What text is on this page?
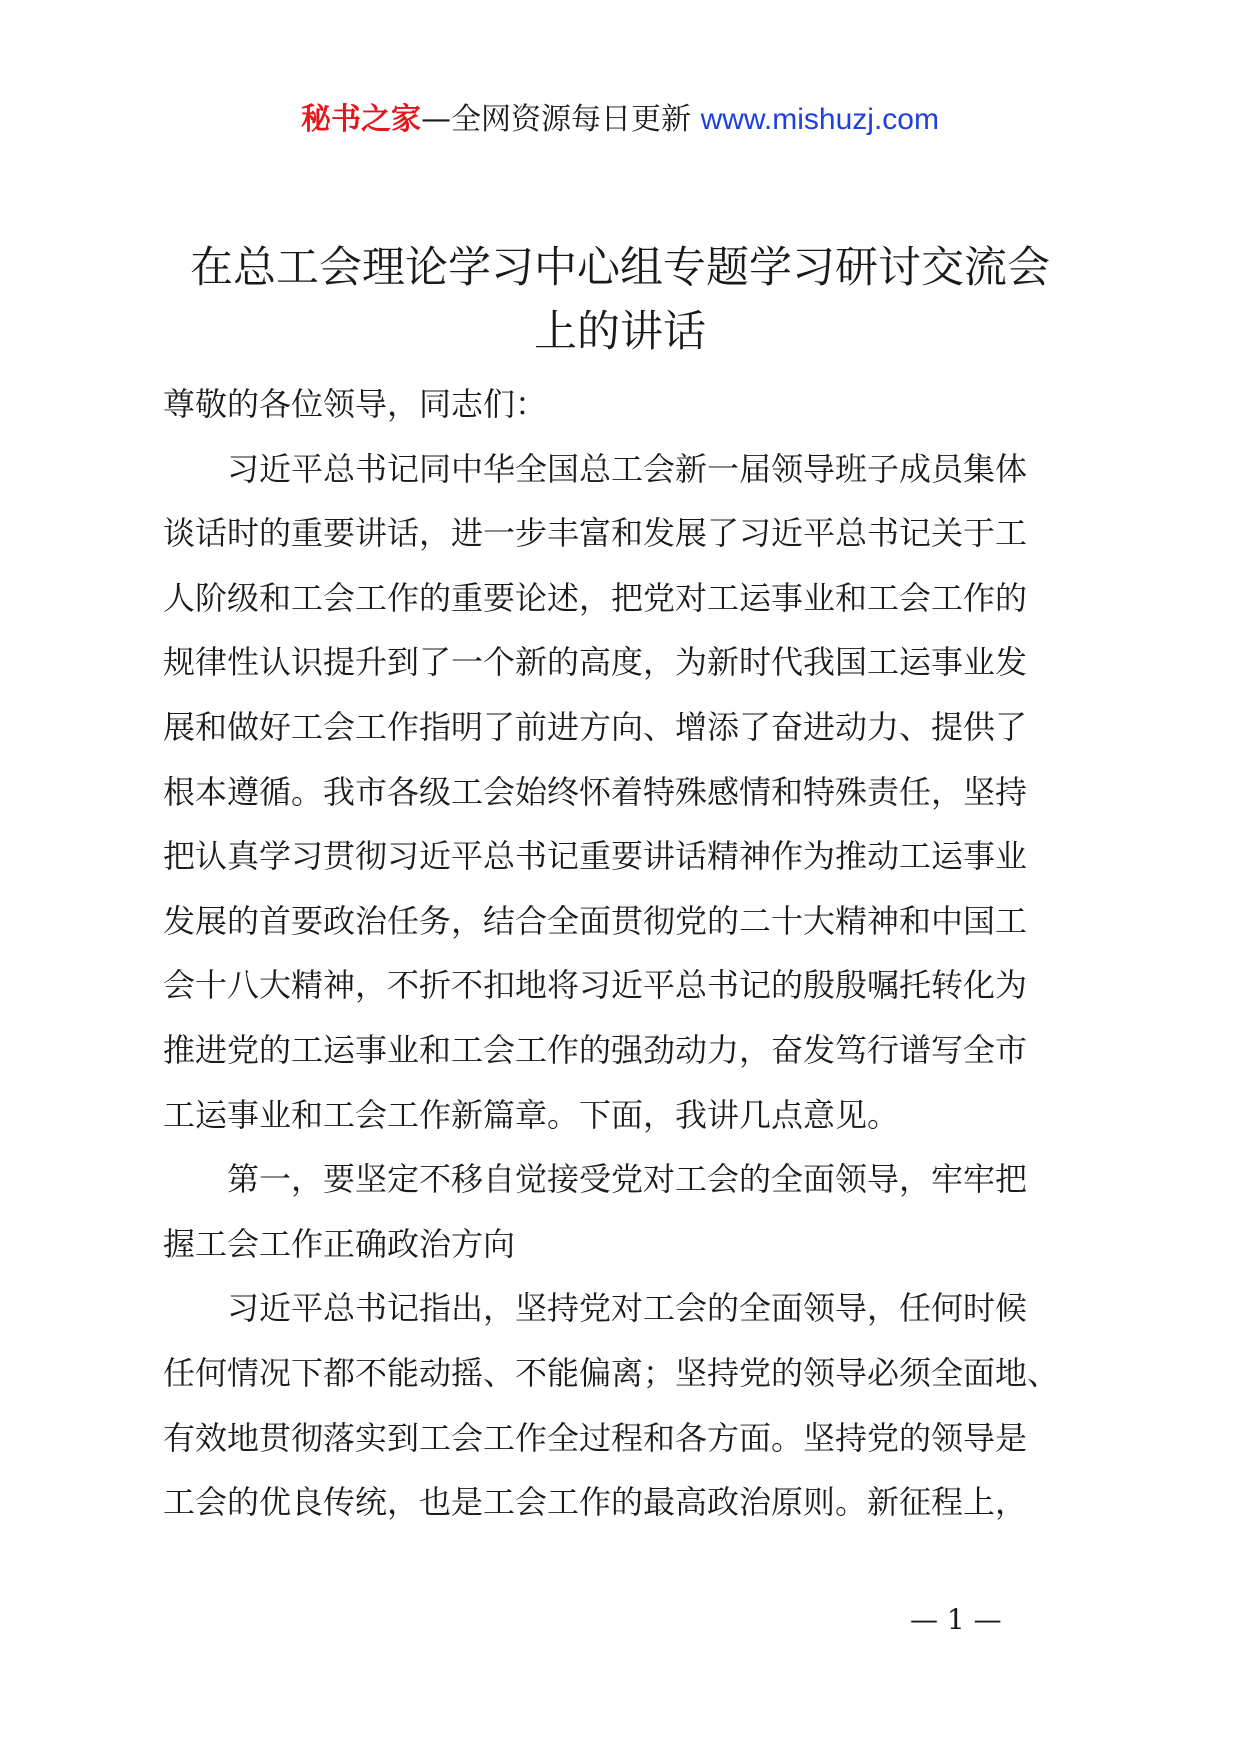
秘书之家—全网资源每日更新 www.mishuzj.com
在总工会理论学习中心组专题学习研讨交流会
上的讲话
尊敬的各位领导，同志们：
　　习近平总书记同中华全国总工会新一届领导班子成员集体
谈话时的重要讲话，进一步丰富和发展了习近平总书记关于工
人阶级和工会工作的重要论述，把党对工运事业和工会工作的
规律性认识提升到了一个新的高度，为新时代我国工运事业发
展和做好工会工作指明了前进方向、增添了奋进动力、提供了
根本遵循。我市各级工会始终怀着特殊感情和特殊责任，坚持
把认真学习贯彻习近平总书记重要讲话精神作为推动工运事业
发展的首要政治任务，结合全面贯彻党的二十大精神和中国工
会十八大精神，不折不扣地将习近平总书记的殷殷嘱托转化为
推进党的工运事业和工会工作的强劲动力，奋发笃行谱写全市
工运事业和工会工作新篇章。下面，我讲几点意见。
　　第一，要坚定不移自觉接受党对工会的全面领导，牢牢把
握工会工作正确政治方向
　　习近平总书记指出，坚持党对工会的全面领导，任何时候
任何情况下都不能动摇、不能偏离；坚持党的领导必须全面地、
有效地贯彻落实到工会工作全过程和各方面。坚持党的领导是
工会的优良传统，也是工会工作的最高政治原则。新征程上，
— 1 —
